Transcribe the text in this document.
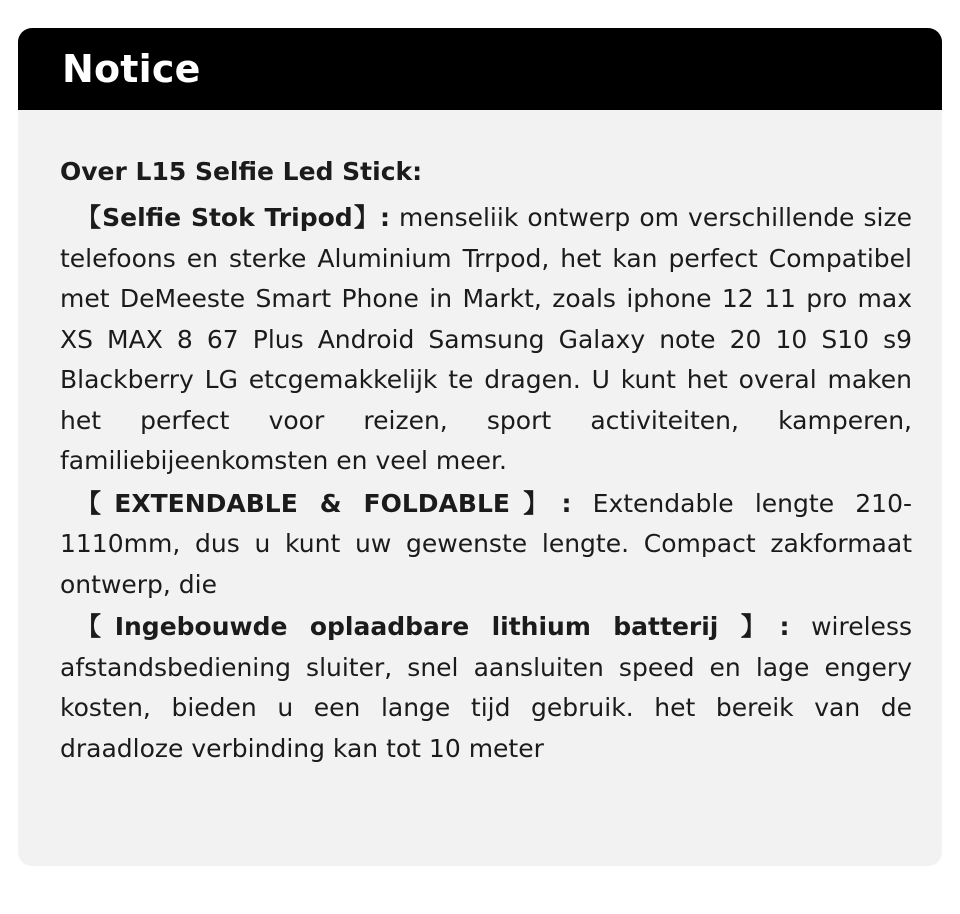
Notice

Over L15 Selfie Led Stick:

【Selfie Stok Tripod】: menseliik ontwerp om verschillende size telefoons en sterke Aluminium Trrpod, het kan perfect Compatibel met DeMeeste Smart Phone in Markt, zoals iphone 12 11 pro max XS MAX 8 67 Plus Android Samsung Galaxy note 20 10 S10 s9 Blackberry LG etcgemakkelijk te dragen. U kunt het overal maken het perfect voor reizen, sport activiteiten, kamperen, familiebijeenkomsten en veel meer.

【EXTENDABLE & FOLDABLE】: Extendable lengte 210-1110mm, dus u kunt uw gewenste lengte. Compact zakformaat ontwerp, die

【Ingebouwde oplaadbare lithium batterij 】: wireless afstandsbediening sluiter, snel aansluiten speed en lage engery kosten, bieden u een lange tijd gebruik. het bereik van de draadloze verbinding kan tot 10 meter
